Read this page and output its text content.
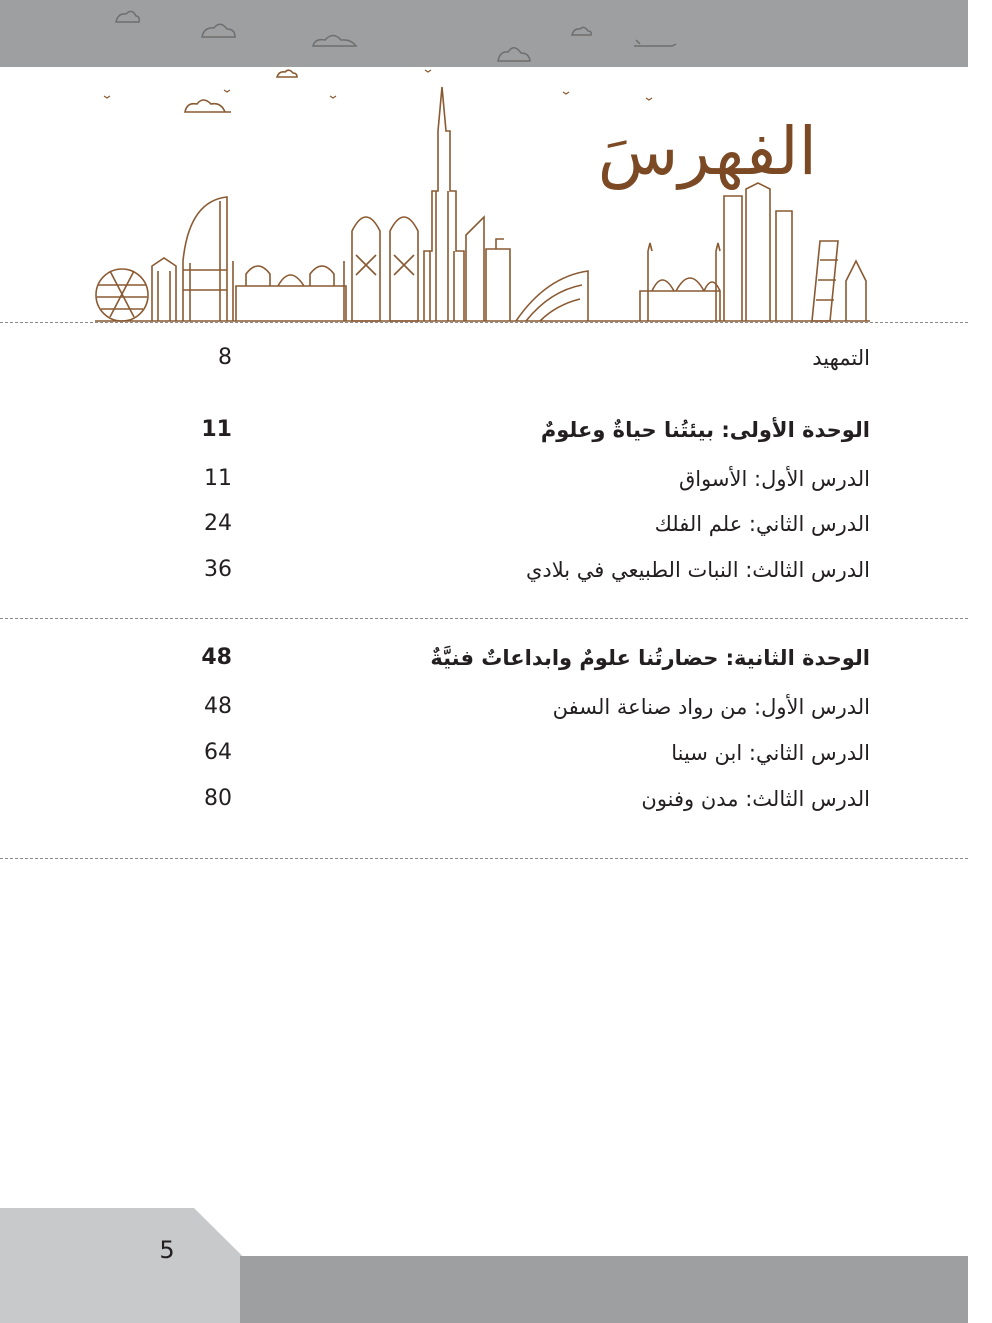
الفهرسَ
التمهيد
8
الوحدة الأولى: بيئتُنا حياةٌ وعلومٌ
11
الدرس الأول: الأسواق
11
الدرس الثاني: علم الفلك
24
الدرس الثالث: النبات الطبيعي في بلادي
36
الوحدة الثانية: حضارتُنا علومٌ وابداعاتٌ فنيَّةٌ
48
الدرس الأول: من رواد صناعة السفن
48
الدرس الثاني: ابن سينا
64
الدرس الثالث: مدن وفنون
80
5
